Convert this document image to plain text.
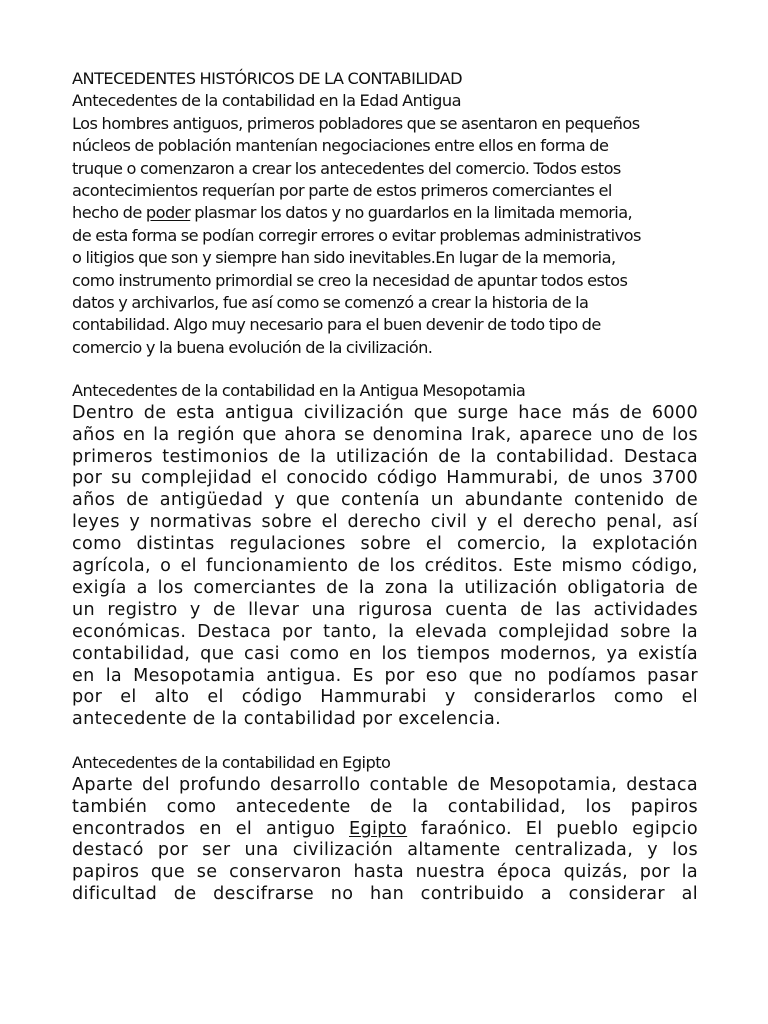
ANTECEDENTES HISTÓRICOS DE LA CONTABILIDAD
Antecedentes de la contabilidad en la Edad Antigua
Los hombres antiguos, primeros pobladores que se asentaron en pequeños
núcleos de población mantenían negociaciones entre ellos en forma de
truque o comenzaron a crear los antecedentes del comercio. Todos estos
acontecimientos requerían por parte de estos primeros comerciantes el
hecho de poder plasmar los datos y no guardarlos en la limitada memoria,
de esta forma se podían corregir errores o evitar problemas administrativos
o litigios que son y siempre han sido inevitables.En lugar de la memoria,
como instrumento primordial se creo la necesidad de apuntar todos estos
datos y archivarlos, fue así como se comenzó a crear la historia de la
contabilidad. Algo muy necesario para el buen devenir de todo tipo de
comercio y la buena evolución de la civilización.
Antecedentes de la contabilidad en la Antigua Mesopotamia
Dentro de esta antigua civilización que surge hace más de 6000
años en la región que ahora se denomina Irak, aparece uno de los
primeros testimonios de la utilización de la contabilidad. Destaca
por su complejidad el conocido código Hammurabi, de unos 3700
años de antigüedad y que contenía un abundante contenido de
leyes y normativas sobre el derecho civil y el derecho penal, así
como distintas regulaciones sobre el comercio, la explotación
agrícola, o el funcionamiento de los créditos. Este mismo código,
exigía a los comerciantes de la zona la utilización obligatoria de
un registro y de llevar una rigurosa cuenta de las actividades
económicas. Destaca por tanto, la elevada complejidad sobre la
contabilidad, que casi como en los tiempos modernos, ya existía
en la Mesopotamia antigua. Es por eso que no podíamos pasar
por el alto el código Hammurabi y considerarlos como el
antecedente de la contabilidad por excelencia.
Antecedentes de la contabilidad en Egipto
Aparte del profundo desarrollo contable de Mesopotamia, destaca
también como antecedente de la contabilidad, los papiros
encontrados en el antiguo Egipto faraónico. El pueblo egipcio
destacó por ser una civilización altamente centralizada, y los
papiros que se conservaron hasta nuestra época quizás, por la
dificultad de descifrarse no han contribuido a considerar al
